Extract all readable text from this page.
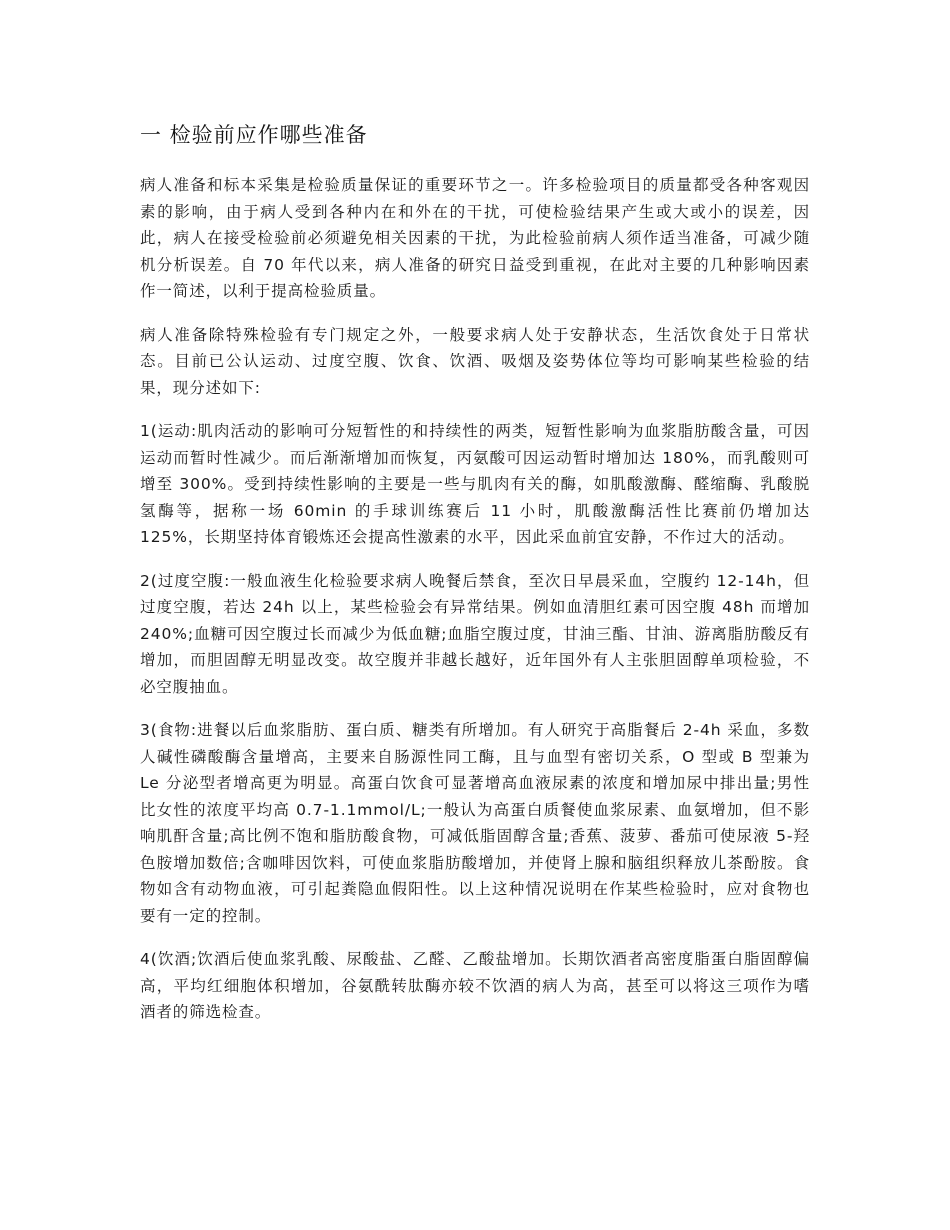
一 检验前应作哪些准备

病人准备和标本采集是检验质量保证的重要环节之一。许多检验项目的质量都受各种客观因素的影响，由于病人受到各种内在和外在的干扰，可使检验结果产生或大或小的误差，因此，病人在接受检验前必须避免相关因素的干扰，为此检验前病人须作适当准备，可减少随机分析误差。自 70 年代以来，病人准备的研究日益受到重视，在此对主要的几种影响因素作一简述，以利于提高检验质量。

病人准备除特殊检验有专门规定之外，一般要求病人处于安静状态，生活饮食处于日常状态。目前已公认运动、过度空腹、饮食、饮酒、吸烟及姿势体位等均可影响某些检验的结果，现分述如下:

1(运动:肌肉活动的影响可分短暂性的和持续性的两类，短暂性影响为血浆脂肪酸含量，可因运动而暂时性减少。而后渐渐增加而恢复，丙氨酸可因运动暂时增加达 180%，而乳酸则可增至 300%。受到持续性影响的主要是一些与肌肉有关的酶，如肌酸激酶、醛缩酶、乳酸脱氢酶等，据称一场 60min 的手球训练赛后 11 小时，肌酸激酶活性比赛前仍增加达 125%，长期坚持体育锻炼还会提高性激素的水平，因此采血前宜安静，不作过大的活动。

2(过度空腹:一般血液生化检验要求病人晚餐后禁食，至次日早晨采血，空腹约 12-14h，但过度空腹，若达 24h 以上，某些检验会有异常结果。例如血清胆红素可因空腹 48h 而增加 240%;血糖可因空腹过长而减少为低血糖;血脂空腹过度，甘油三酯、甘油、游离脂肪酸反有增加，而胆固醇无明显改变。故空腹并非越长越好，近年国外有人主张胆固醇单项检验，不必空腹抽血。

3(食物:进餐以后血浆脂肪、蛋白质、糖类有所增加。有人研究于高脂餐后 2-4h 采血，多数人碱性磷酸酶含量增高，主要来自肠源性同工酶，且与血型有密切关系，O 型或 B 型兼为 Le 分泌型者增高更为明显。高蛋白饮食可显著增高血液尿素的浓度和增加尿中排出量;男性比女性的浓度平均高 0.7-1.1mmol/L;一般认为高蛋白质餐使血浆尿素、血氨增加，但不影响肌酐含量;高比例不饱和脂肪酸食物，可减低脂固醇含量;香蕉、菠萝、番茄可使尿液 5-羟色胺增加数倍;含咖啡因饮料，可使血浆脂肪酸增加，并使肾上腺和脑组织释放儿茶酚胺。食物如含有动物血液，可引起粪隐血假阳性。以上这种情况说明在作某些检验时，应对食物也要有一定的控制。

4(饮酒;饮酒后使血浆乳酸、尿酸盐、乙醛、乙酸盐增加。长期饮酒者高密度脂蛋白脂固醇偏高，平均红细胞体积增加，谷氨酰转肽酶亦较不饮酒的病人为高，甚至可以将这三项作为嗜酒者的筛选检查。
